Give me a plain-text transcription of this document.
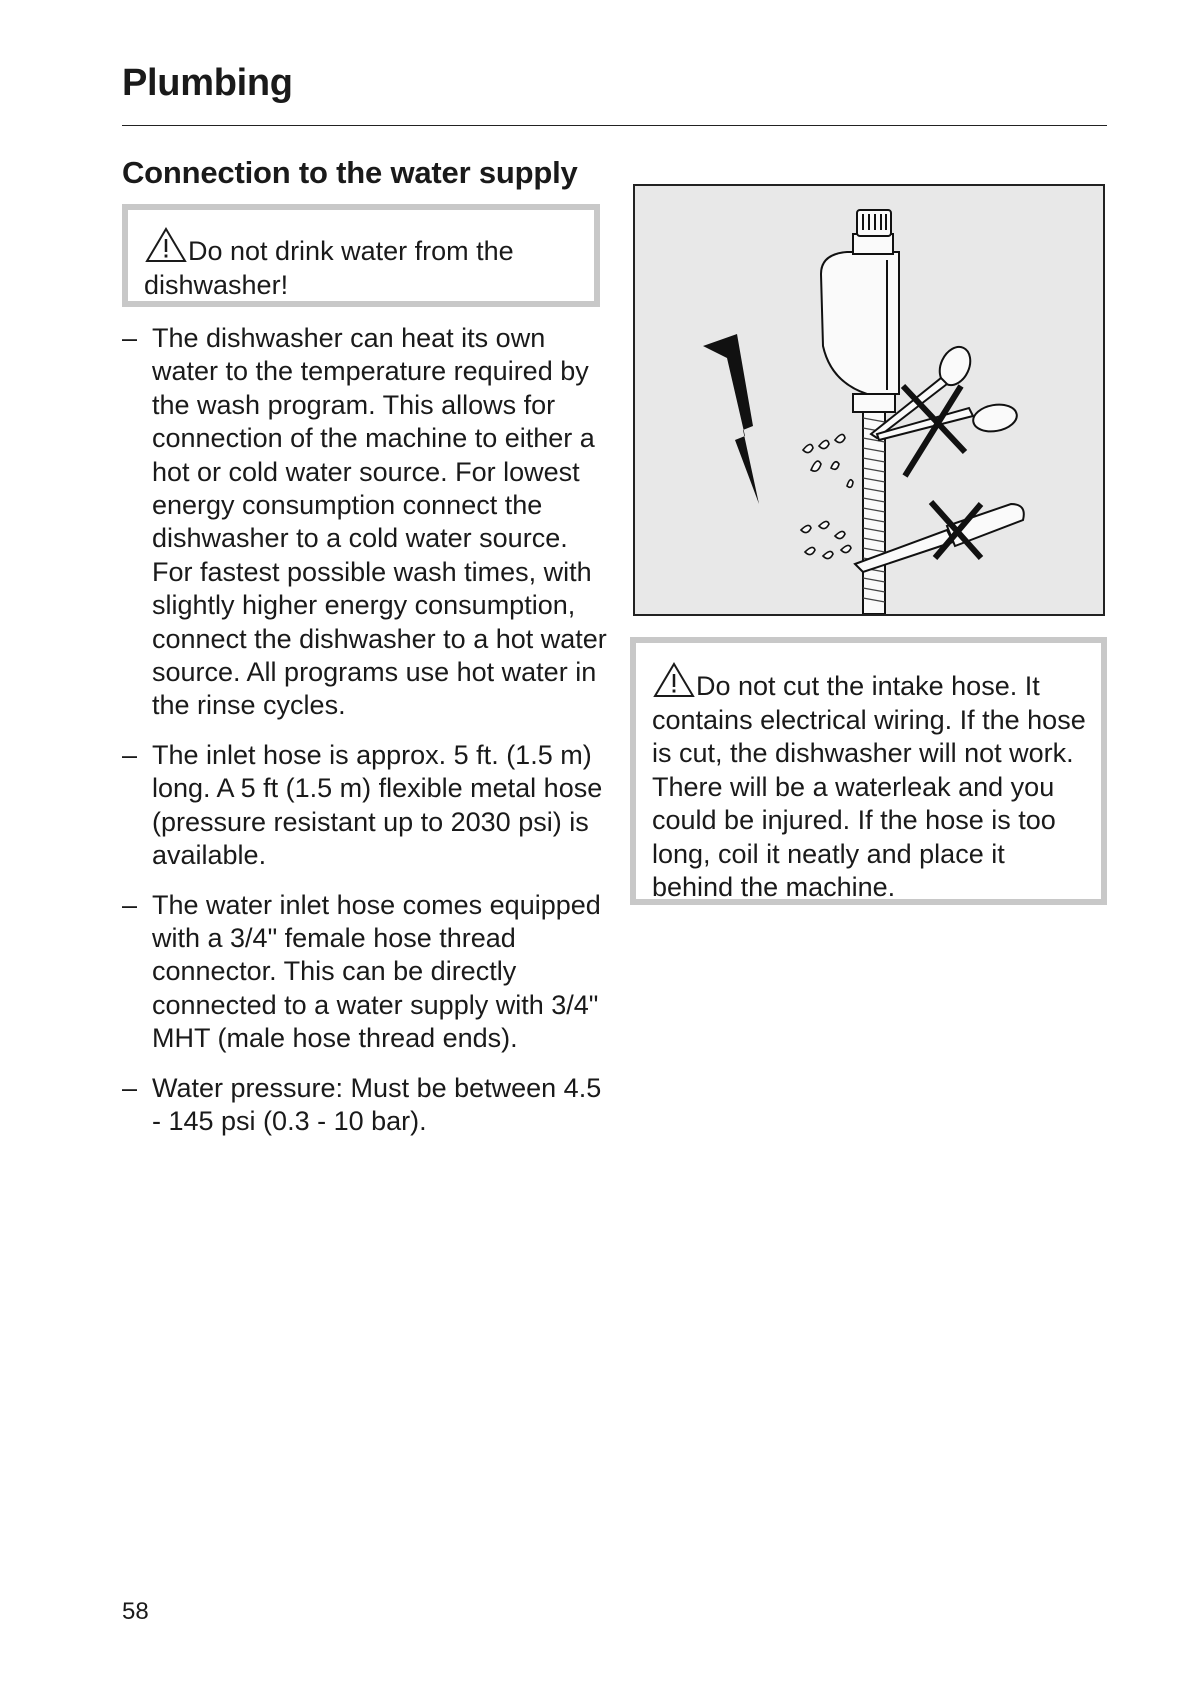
Plumbing
Connection to the water supply
Do not drink water from the dishwasher!
– The dishwasher can heat its own water to the temperature required by the wash program. This allows for connection of the machine to either a hot or cold water source. For lowest energy consumption connect the dishwasher to a cold water source. For fastest possible wash times, with slightly higher energy consumption, connect the dishwasher to a hot water source. All programs use hot water in the rinse cycles.
– The inlet hose is approx. 5 ft. (1.5 m) long. A 5 ft (1.5 m) flexible metal hose (pressure resistant up to 2030 psi) is available.
– The water inlet hose comes equipped with a 3/4" female hose thread connector. This can be directly connected to a water supply with 3/4" MHT (male hose thread ends).
– Water pressure: Must be between 4.5 - 145 psi (0.3 - 10 bar).
Do not cut the intake hose. It contains electrical wiring. If the hose is cut, the dishwasher will not work. There will be a waterleak and you could be injured. If the hose is too long, coil it neatly and place it behind the machine.
58
